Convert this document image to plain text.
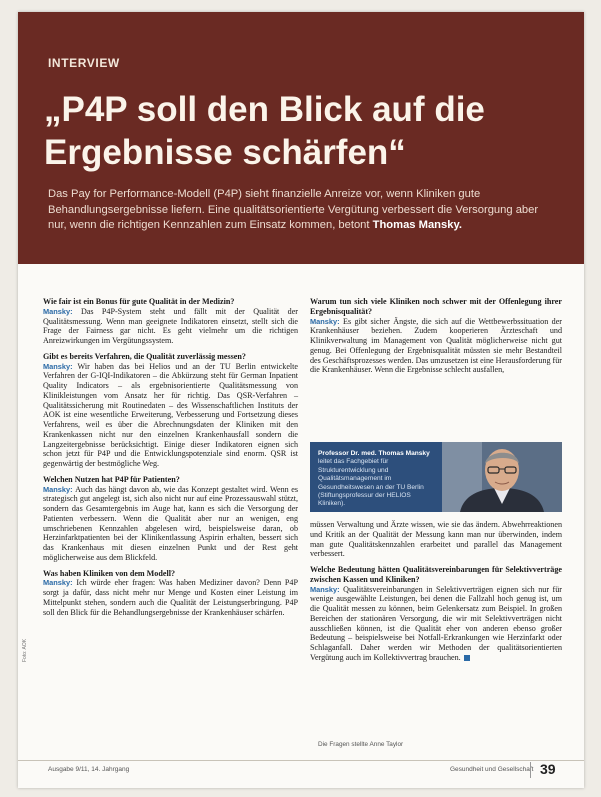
INTERVIEW
„P4P soll den Blick auf die Ergebnisse schärfen“
Das Pay for Performance-Modell (P4P) sieht finanzielle Anreize vor, wenn Kliniken gute Behandlungsergebnisse liefern. Eine qualitätsorientierte Vergütung verbessert die Versorgung aber nur, wenn die richtigen Kennzahlen zum Einsatz kommen, betont Thomas Mansky.

Wie fair ist ein Bonus für gute Qualität in der Medizin?

Mansky: Das P4P-System steht und fällt mit der Qualität der Qualitätsmessung. Wenn man geeignete Indikatoren einsetzt, stellt sich die Frage der Fairness gar nicht. Es geht vielmehr um die richtigen Anreizwirkungen im Vergütungssystem.

Gibt es bereits Verfahren, die Qualität zuverlässig messen?

Mansky: Wir haben das bei Helios und an der TU Berlin entwickelte Verfahren der G-IQI-Indikatoren – die Abkürzung steht für German Inpatient Quality Indicators – als ergebnisorientierte Qualitätsmessung von Klinikleistungen vom Ansatz her für richtig. Das QSR-Verfahren – Qualitätssicherung mit Routinedaten – des Wissenschaftlichen Instituts der AOK ist eine wesentliche Erweiterung, Verbesserung und Fortsetzung dieses Verfahrens, weil es über die Abrechnungsdaten der Kliniken mit den Krankenkassen nicht nur den einzelnen Krankenhausfall sondern die Langzeitergebnisse berücksichtigt. Einige dieser Indikatoren eignen sich schon jetzt für P4P und die Entwicklungspotenziale sind enorm. QSR ist gegenwärtig der bestmögliche Weg.

Welchen Nutzen hat P4P für Patienten?

Mansky: Auch das hängt davon ab, wie das Konzept gestaltet wird. Wenn es strategisch gut angelegt ist, sich also nicht nur auf eine Prozessauswahl stützt, sondern das Gesamtergebnis im Auge hat, kann es sich die Versorgung der Patienten verbessern. Wenn die Qualität aber nur an wenigen, eng umschriebenen Kennzahlen abgelesen wird, beispielsweise daran, ob Herzinfarktpatienten bei der Klinikentlassung Aspirin erhalten, bessert sich das Krankenhaus mit diesen einzelnen Punkt und der Rest geht möglicherweise aus dem Blickfeld.

Was haben Kliniken von dem Modell?

Mansky: Ich würde eher fragen: Was haben Mediziner davon? Denn P4P sorgt ja dafür, dass nicht mehr nur Menge und Kosten einer Leistung im Mittelpunkt stehen, sondern auch die Qualität der Leistungserbringung. P4P soll den Blick für die Behandlungsergebnisse der Krankenhäuser schärfen.

Warum tun sich viele Kliniken noch schwer mit der Offenlegung ihrer Ergebnisqualität?

Mansky: Es gibt sicher Ängste, die sich auf die Wettbewerbssituation der Krankenhäuser beziehen. Zudem kooperieren Ärzteschaft und Klinikverwaltung im Management von Qualität möglicherweise nicht gut genug. Bei Offenlegung der Ergebnisqualität müssten sie mehr Bestandteil des Geschäftsprozesses werden. Das umzusetzen ist eine Herausforderung für die Krankenhäuser. Wenn die Ergebnisse schlecht ausfallen,

Professor Dr. med. Thomas Mansky leitet das Fachgebiet für Strukturentwicklung und Qualitätsmanagement im Gesundheitswesen an der TU Berlin (Stiftungsprofessur der HELIOS Kliniken).

müssen Verwaltung und Ärzte wissen, wie sie das ändern. Abwehrreaktionen und Kritik an der Qualität der Messung kann man nur überwinden, indem man gute Qualitätskennzahlen erarbeitet und parallel das Management verbessert.

Welche Bedeutung hätten Qualitätsvereinbarungen für Selektivverträge zwischen Kassen und Kliniken?

Mansky: Qualitätsvereinbarungen in Selektivverträgen eignen sich nur für wenige ausgewählte Leistungen, bei denen die Fallzahl hoch genug ist, um die Qualität messen zu können, beim Gelenkersatz zum Beispiel. In großen Bereichen der stationären Versorgung, die wir mit Selektivverträgen nicht ausschließen können, ist die Qualität eher von anderen ebenso großer Bedeutung – beispielsweise bei Notfall-Erkrankungen wie Herzinfarkt oder Schlaganfall. Daher werden wir Methoden der qualitätsorientierten Vergütung auch im Kollektivvertrag brauchen.

Die Fragen stellte Anne Taylor
Ausgabe 9/11, 14. Jahrgang	Gesundheit und Gesellschaft 39
Foto: AOK
